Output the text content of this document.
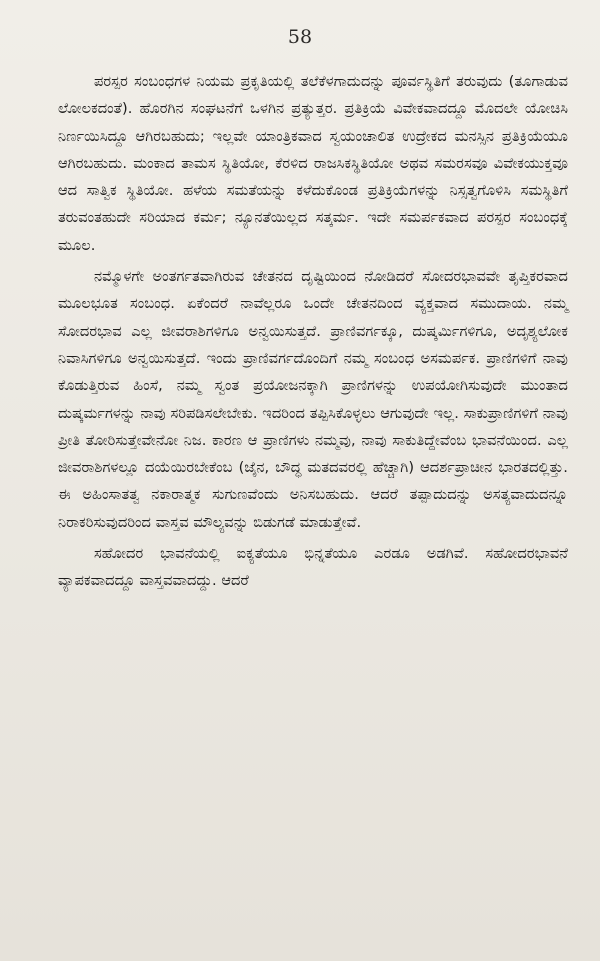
58

ಪರಸ್ಪರ ಸಂಬಂಧಗಳ ನಿಯಮ ಪ್ರಕೃತಿಯಲ್ಲಿ ತಲೆಕೆಳಗಾದುದನ್ನು ಪೂರ್ವಸ್ಥಿತಿಗೆ ತರುವುದು (ತೂಗಾಡುವ ಲೋಲಕದಂತೆ). ಹೊರಗಿನ ಸಂಘಟನೆಗೆ ಒಳಗಿನ ಪ್ರತ್ಯುತ್ತರ. ಪ್ರತಿಕ್ರಿಯೆ ವಿವೇಕವಾದದ್ದೂ ಮೊದಲೇ ಯೋಚಿಸಿ ನಿರ್ಣಯಿಸಿದ್ದೂ ಆಗಿರಬಹುದು; ಇಲ್ಲವೇ ಯಾಂತ್ರಿಕವಾದ ಸ್ವಯಂಚಾಲಿತ ಉದ್ರೇಕದ ಮನಸ್ಸಿನ ಪ್ರತಿಕ್ರಿಯೆಯೂ ಆಗಿರಬಹುದು. ಮಂಕಾದ ತಾಮಸ ಸ್ಥಿತಿಯೋ, ಕೆರಳಿದ ರಾಜಸಿಕಸ್ಥಿತಿಯೋ ಅಥವ ಸಮರಸವೂ ವಿವೇಕಯುಕ್ತವೂ ಆದ ಸಾತ್ವಿಕ ಸ್ಥಿತಿಯೋ. ಹಳೆಯ ಸಮತೆಯನ್ನು ಕಳೆದುಕೊಂಡ ಪ್ರತಿಕ್ರಿಯೆಗಳನ್ನು ನಿಸ್ಸತ್ವಗೊಳಿಸಿ ಸಮಸ್ಥಿತಿಗೆ ತರುವಂತಹುದೇ ಸರಿಯಾದ ಕರ್ಮ; ನ್ಯೂನತೆಯಿಲ್ಲದ ಸತ್ಕರ್ಮ. ಇದೇ ಸಮರ್ಪಕವಾದ ಪರಸ್ಪರ ಸಂಬಂಧಕ್ಕೆ ಮೂಲ.

ನಮ್ಮೊಳಗೇ ಅಂತರ್ಗತವಾಗಿರುವ ಚೇತನದ ದೃಷ್ಟಿಯಿಂದ ನೋಡಿದರೆ ಸೋದರಭಾವವೇ ತೃಪ್ತಿಕರವಾದ ಮೂಲಭೂತ ಸಂಬಂಧ. ಏಕೆಂದರೆ ನಾವೆಲ್ಲರೂ ಒಂದೇ ಚೇತನದಿಂದ ವ್ಯಕ್ತವಾದ ಸಮುದಾಯ. ನಮ್ಮ ಸೋದರಭಾವ ಎಲ್ಲ ಜೀವರಾಶಿಗಳಿಗೂ ಅನ್ವಯಿಸುತ್ತದೆ. ಪ್ರಾಣಿವರ್ಗಕ್ಕೂ, ದುಷ್ಕರ್ಮಿಗಳಿಗೂ, ಅದೃಶ್ಯಲೋಕ ನಿವಾಸಿಗಳಿಗೂ ಅನ್ವಯಿಸುತ್ತದೆ. ಇಂದು ಪ್ರಾಣಿವರ್ಗದೊಂದಿಗೆ ನಮ್ಮ ಸಂಬಂಧ ಅಸಮರ್ಪಕ. ಪ್ರಾಣಿಗಳಿಗೆ ನಾವು ಕೊಡುತ್ತಿರುವ ಹಿಂಸೆ, ನಮ್ಮ ಸ್ವಂತ ಪ್ರಯೋಜನಕ್ಕಾಗಿ ಪ್ರಾಣಿಗಳನ್ನು ಉಪಯೋಗಿಸುವುದೇ ಮುಂತಾದ ದುಷ್ಕರ್ಮಗಳನ್ನು ನಾವು ಸರಿಪಡಿಸಲೇಬೇಕು. ಇದರಿಂದ ತಪ್ಪಿಸಿಕೊಳ್ಳಲು ಆಗುವುದೇ ಇಲ್ಲ. ಸಾಕುಪ್ರಾಣಿಗಳಿಗೆ ನಾವು ಪ್ರೀತಿ ತೋರಿಸುತ್ತೇವೇನೋ ನಿಜ. ಕಾರಣ ಆ ಪ್ರಾಣಿಗಳು ನಮ್ಮವು, ನಾವು ಸಾಕುತಿದ್ದೇವೆಂಬ ಭಾವನೆಯಿಂದ. ಎಲ್ಲ ಜೀವರಾಶಿಗಳಲ್ಲೂ ದಯೆಯಿರಬೇಕೆಂಬ (ಜೈನ, ಬೌದ್ಧ ಮತದವರಲ್ಲಿ ಹೆಚ್ಚಾಗಿ) ಆದರ್ಶಪ್ರಾಚೀನ ಭಾರತದಲ್ಲಿತ್ತು. ಈ ಅಹಿಂಸಾತತ್ವ ನಕಾರಾತ್ಮಕ ಸುಗುಣವೆಂದು ಅನಿಸಬಹುದು. ಆದರೆ ತಪ್ಪಾದುದನ್ನು ಅಸತ್ಯವಾದುದನ್ನೂ ನಿರಾಕರಿಸುವುದರಿಂದ ವಾಸ್ತವ ಮೌಲ್ಯವನ್ನು ಬಿಡುಗಡೆ ಮಾಡುತ್ತೇವೆ.

ಸಹೋದರ ಭಾವನೆಯಲ್ಲಿ ಐಕ್ಯತೆಯೂ ಭಿನ್ನತೆಯೂ ಎರಡೂ ಅಡಗಿವೆ. ಸಹೋದರಭಾವನೆ ವ್ಯಾಪಕವಾದದ್ದೂ ವಾಸ್ತವವಾದದ್ದು. ಆದರೆ
